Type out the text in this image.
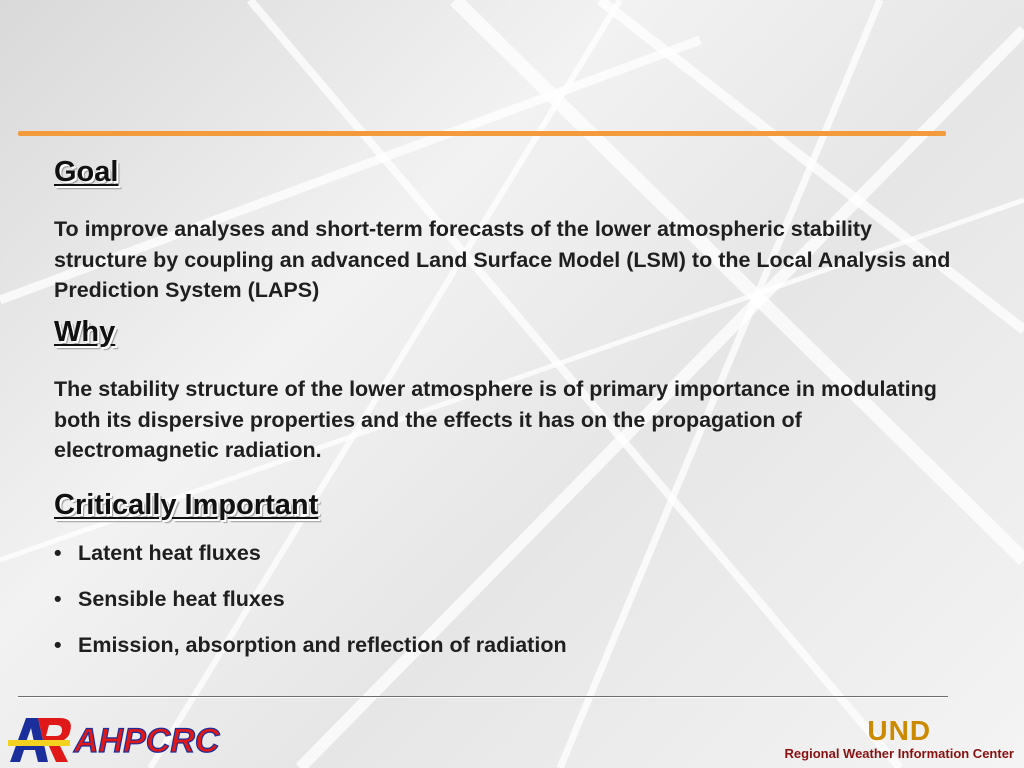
Goal

To improve analyses and short-term forecasts of the lower atmospheric stability structure by coupling an advanced Land Surface Model (LSM) to the Local Analysis and Prediction System (LAPS)

Why

The stability structure of the lower atmosphere is of primary importance in modulating both its dispersive properties and the effects it has on the propagation of electromagnetic radiation.

Critically Important
• Latent heat fluxes
• Sensible heat fluxes
• Emission, absorption and reflection of radiation
AHPCRC	UND
Regional Weather Information Center
